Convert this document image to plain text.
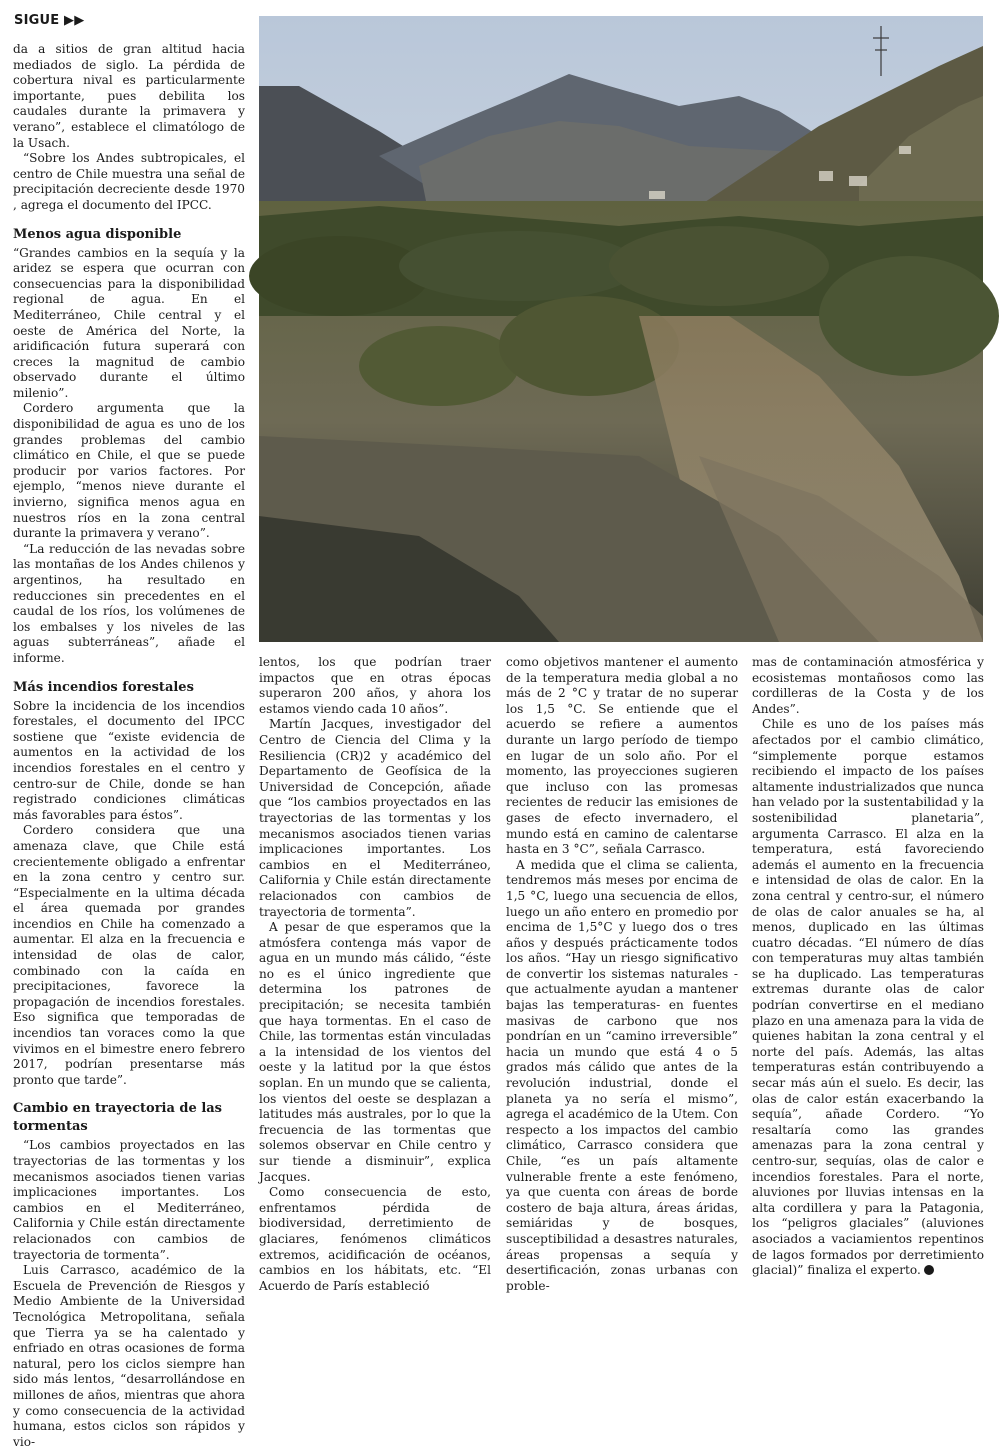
SIGUE ▶▶

da a sitios de gran altitud hacia mediados de siglo. La pérdida de cobertura nival es particularmente importante, pues debilita los caudales durante la primavera y verano”, establece el climatólogo de la Usach.

“Sobre los Andes subtropicales, el centro de Chile muestra una señal de precipitación decreciente desde 1970 , agrega el documento del IPCC.

Menos agua disponible

“Grandes cambios en la sequía y la aridez se espera que ocurran con consecuencias para la disponibilidad regional de agua. En el Mediterráneo, Chile central y el oeste de América del Norte, la aridificación futura superará con creces la magnitud de cambio observado durante el último milenio”.

Cordero argumenta que la disponibilidad de agua es uno de los grandes problemas del cambio climático en Chile, el que se puede producir por varios factores. Por ejemplo, “menos nieve durante el invierno, significa menos agua en nuestros ríos en la zona central durante la primavera y verano”.

“La reducción de las nevadas sobre las montañas de los Andes chilenos y argentinos, ha resultado en reducciones sin precedentes en el caudal de los ríos, los volúmenes de los embalses y los niveles de las aguas subterráneas”, añade el informe.

Más incendios forestales

Sobre la incidencia de los incendios forestales, el documento del IPCC sostiene que “existe evidencia de aumentos en la actividad de los incendios forestales en el centro y centro-sur de Chile, donde se han registrado condiciones climáticas más favorables para éstos”.

Cordero considera que una amenaza clave, que Chile está crecientemente obligado a enfrentar en la zona centro y centro sur. “Especialmente en la ultima década el área quemada por grandes incendios en Chile ha comenzado a aumentar. El alza en la frecuencia e intensidad de olas de calor, combinado con la caída en precipitaciones, favorece la propagación de incendios forestales. Eso significa que temporadas de incendios tan voraces como la que vivimos en el bimestre enero febrero 2017, podrían presentarse más pronto que tarde”.

Cambio en trayectoria de las tormentas

“Los cambios proyectados en las trayectorias de las tormentas y los mecanismos asociados tienen varias implicaciones importantes. Los cambios en el Mediterráneo, California y Chile están directamente relacionados con cambios de trayectoria de tormenta”.

Luis Carrasco, académico de la Escuela de Prevención de Riesgos y Medio Ambiente de la Universidad Tecnológica Metropolitana, señala que Tierra ya se ha calentado y enfriado en otras ocasiones de forma natural, pero los ciclos siempre han sido más lentos, “desarrollándose en millones de años, mientras que ahora y como consecuencia de la actividad humana, estos ciclos son rápidos y vio-

lentos, los que podrían traer impactos que en otras épocas superaron 200 años, y ahora los estamos viendo cada 10 años”.

Martín Jacques, investigador del Centro de Ciencia del Clima y la Resiliencia (CR)2 y académico del Departamento de Geofísica de la Universidad de Concepción, añade que “los cambios proyectados en las trayectorias de las tormentas y los mecanismos asociados tienen varias implicaciones importantes. Los cambios en el Mediterráneo, California y Chile están directamente relacionados con cambios de trayectoria de tormenta”.

A pesar de que esperamos que la atmósfera contenga más vapor de agua en un mundo más cálido, “éste no es el único ingrediente que determina los patrones de precipitación; se necesita también que haya tormentas. En el caso de Chile, las tormentas están vinculadas a la intensidad de los vientos del oeste y la latitud por la que éstos soplan. En un mundo que se calienta, los vientos del oeste se desplazan a latitudes más australes, por lo que la frecuencia de las tormentas que solemos observar en Chile centro y sur tiende a disminuir”, explica Jacques.

Como consecuencia de esto, enfrentamos pérdida de biodiversidad, derretimiento de glaciares, fenómenos climáticos extremos, acidificación de océanos, cambios en los hábitats, etc. “El Acuerdo de París estableció

como objetivos mantener el aumento de la temperatura media global a no más de 2 °C y tratar de no superar los 1,5 °C. Se entiende que el acuerdo se refiere a aumentos durante un largo período de tiempo en lugar de un solo año. Por el momento, las proyecciones sugieren que incluso con las promesas recientes de reducir las emisiones de gases de efecto invernadero, el mundo está en camino de calentarse hasta en 3 °C”, señala Carrasco.

A medida que el clima se calienta, tendremos más meses por encima de 1,5 °C, luego una secuencia de ellos, luego un año entero en promedio por encima de 1,5°C y luego dos o tres años y después prácticamente todos los años. “Hay un riesgo significativo de convertir los sistemas naturales -que actualmente ayudan a mantener bajas las temperaturas- en fuentes masivas de carbono que nos pondrían en un “camino irreversible” hacia un mundo que está 4 o 5 grados más cálido que antes de la revolución industrial, donde el planeta ya no sería el mismo”, agrega el académico de la Utem. Con respecto a los impactos del cambio climático, Carrasco considera que Chile, “es un país altamente vulnerable frente a este fenómeno, ya que cuenta con áreas de borde costero de baja altura, áreas áridas, semiáridas y de bosques, susceptibilidad a desastres naturales, áreas propensas a sequía y desertificación, zonas urbanas con proble-

mas de contaminación atmosférica y ecosistemas montañosos como las cordilleras de la Costa y de los Andes”.

Chile es uno de los países más afectados por el cambio climático, “simplemente porque estamos recibiendo el impacto de los países altamente industrializados que nunca han velado por la sustentabilidad y la sostenibilidad planetaria”, argumenta Carrasco. El alza en la temperatura, está favoreciendo además el aumento en la frecuencia e intensidad de olas de calor. En la zona central y centro-sur, el número de olas de calor anuales se ha, al menos, duplicado en las últimas cuatro décadas. “El número de días con temperaturas muy altas también se ha duplicado. Las temperaturas extremas durante olas de calor podrían convertirse en el mediano plazo en una amenaza para la vida de quienes habitan la zona central y el norte del país. Además, las altas temperaturas están contribuyendo a secar más aún el suelo. Es decir, las olas de calor están exacerbando la sequía”, añade Cordero. “Yo resaltaría como las grandes amenazas para la zona central y centro-sur, sequías, olas de calor e incendios forestales. Para el norte, aluviones por lluvias intensas en la alta cordillera y para la Patagonia, los “peligros glaciales” (aluviones asociados a vaciamientos repentinos de lagos formados por derretimiento glacial)” finaliza el experto.
